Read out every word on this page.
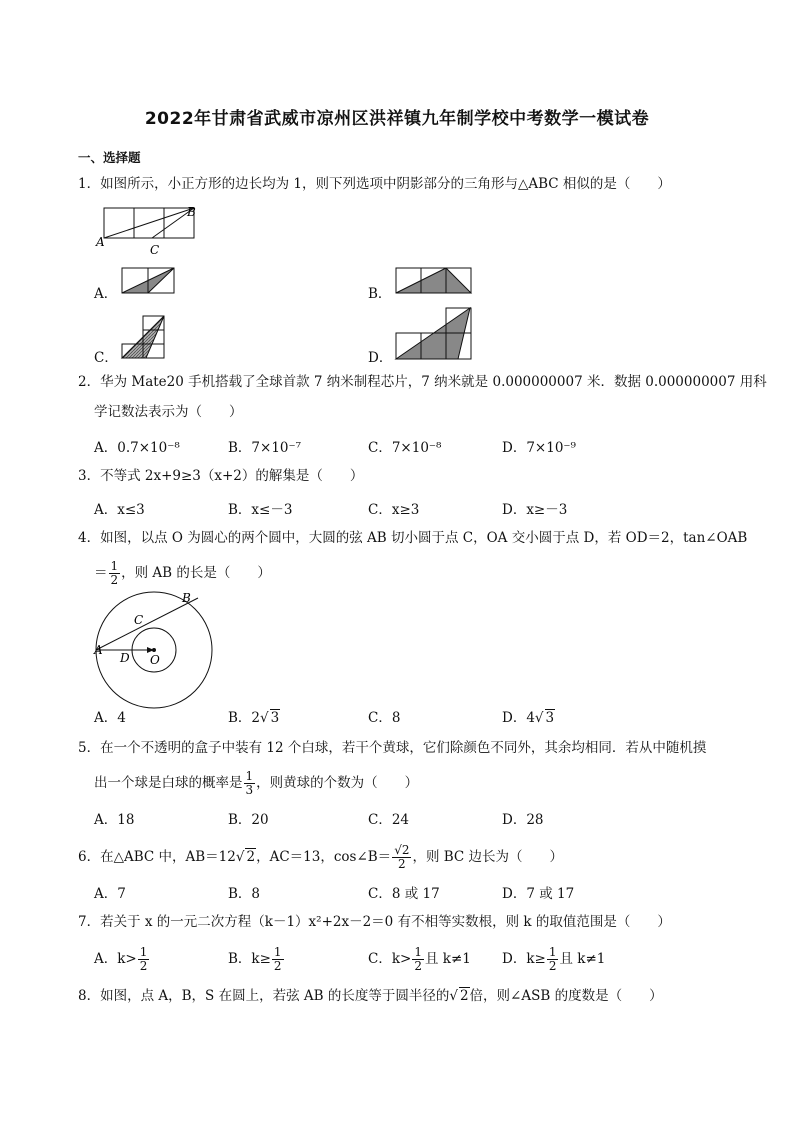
2022年甘肃省武威市凉州区洪祥镇九年制学校中考数学一模试卷
一、选择题
1．如图所示，小正方形的边长均为 1，则下列选项中阴影部分的三角形与△ABC 相似的是（　　）
A
B
C
A．	B．
C．	D．
2．华为 Mate20 手机搭载了全球首款 7 纳米制程芯片，7 纳米就是 0.000000007 米．数据 0.000000007 用科
学记数法表示为（　　）
A．0.7×10⁻⁸	B．7×10⁻⁷	C．7×10⁻⁸	D．7×10⁻⁹
3．不等式 2x+9≥3（x+2）的解集是（　　）
A．x≤3	B．x≤－3	C．x≥3	D．x≥－3
4．如图，以点 O 为圆心的两个圆中，大圆的弦 AB 切小圆于点 C，OA 交小圆于点 D，若 OD＝2，tan∠OAB
＝ $\frac{1}{2}$ ，则 AB 的长是（　　）
A
B
C
D O
A．4	B．2√ 3	C．8	D．4√ 3
5．在一个不透明的盒子中装有 12 个白球，若干个黄球，它们除颜色不同外，其余均相同．若从中随机摸
出一个球是白球的概率是 $\frac{1}{3}$ ，则黄球的个数为（　　）
A．18	B．20	C．24	D．28
6．在△ABC 中，AB＝12√ 2，AC＝13，cos∠B＝ $\frac{√2}{2}$ ，则 BC 边长为（　　）
A．7	B．8	C．8 或 17	D．7 或 17
7．若关于 x 的一元二次方程（k－1）x²+2x－2＝0 有不相等实数根，则 k 的取值范围是（　　）
A．$k> \frac{1}{2}$	B．$k\ge \frac{1}{2}$	C．$k> \frac{1}{2}$ 且 k≠1 D．$k\ge \frac{1}{2}$ 且 k≠1
8．如图，点 A，B，S 在圆上，若弦 AB 的长度等于圆半径的√ 2倍，则∠ASB 的度数是（　　）
